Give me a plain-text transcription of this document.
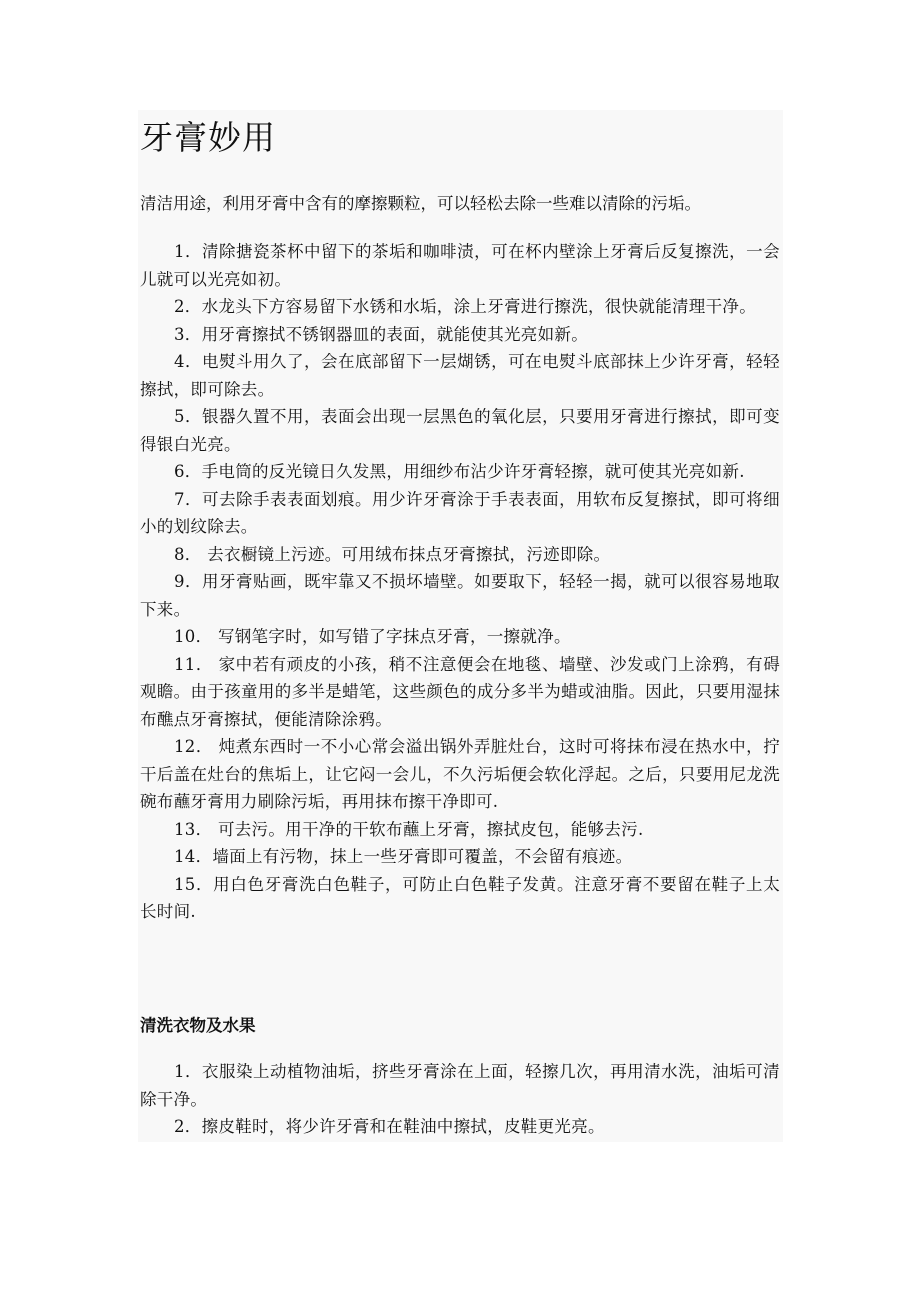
牙膏妙用

清洁用途，利用牙膏中含有的摩擦颗粒，可以轻松去除一些难以清除的污垢。

1．清除搪瓷茶杯中留下的茶垢和咖啡渍，可在杯内壁涂上牙膏后反复擦洗，一会儿就可以光亮如初。
2．水龙头下方容易留下水锈和水垢，涂上牙膏进行擦洗，很快就能清理干净。
3．用牙膏擦拭不锈钢器皿的表面，就能使其光亮如新。
4．电熨斗用久了，会在底部留下一层煳锈，可在电熨斗底部抹上少许牙膏，轻轻擦拭，即可除去。
5．银器久置不用，表面会出现一层黑色的氧化层，只要用牙膏进行擦拭，即可变得银白光亮。
6．手电筒的反光镜日久发黑，用细纱布沾少许牙膏轻擦，就可使其光亮如新.
7．可去除手表表面划痕。用少许牙膏涂于手表表面，用软布反复擦拭，即可将细小的划纹除去。
8． 去衣橱镜上污迹。可用绒布抹点牙膏擦拭，污迹即除。
9．用牙膏贴画，既牢靠又不损坏墙壁。如要取下，轻轻一揭，就可以很容易地取下来。
10． 写钢笔字时，如写错了字抹点牙膏，一擦就净。
11． 家中若有顽皮的小孩，稍不注意便会在地毯、墙壁、沙发或门上涂鸦，有碍观瞻。由于孩童用的多半是蜡笔，这些颜色的成分多半为蜡或油脂。因此，只要用湿抹布醮点牙膏擦拭，便能清除涂鸦。
12． 炖煮东西时一不小心常会溢出锅外弄脏灶台，这时可将抹布浸在热水中，拧干后盖在灶台的焦垢上，让它闷一会儿，不久污垢便会软化浮起。之后，只要用尼龙洗碗布蘸牙膏用力刷除污垢，再用抹布擦干净即可.
13． 可去污。用干净的干软布蘸上牙膏，擦拭皮包，能够去污.
14．墙面上有污物，抹上一些牙膏即可覆盖，不会留有痕迹。
15．用白色牙膏洗白色鞋子，可防止白色鞋子发黄。注意牙膏不要留在鞋子上太长时间.
清洗衣物及水果
1．衣服染上动植物油垢，挤些牙膏涂在上面，轻擦几次，再用清水洗，油垢可清除干净。
2．擦皮鞋时，将少许牙膏和在鞋油中擦拭，皮鞋更光亮。
